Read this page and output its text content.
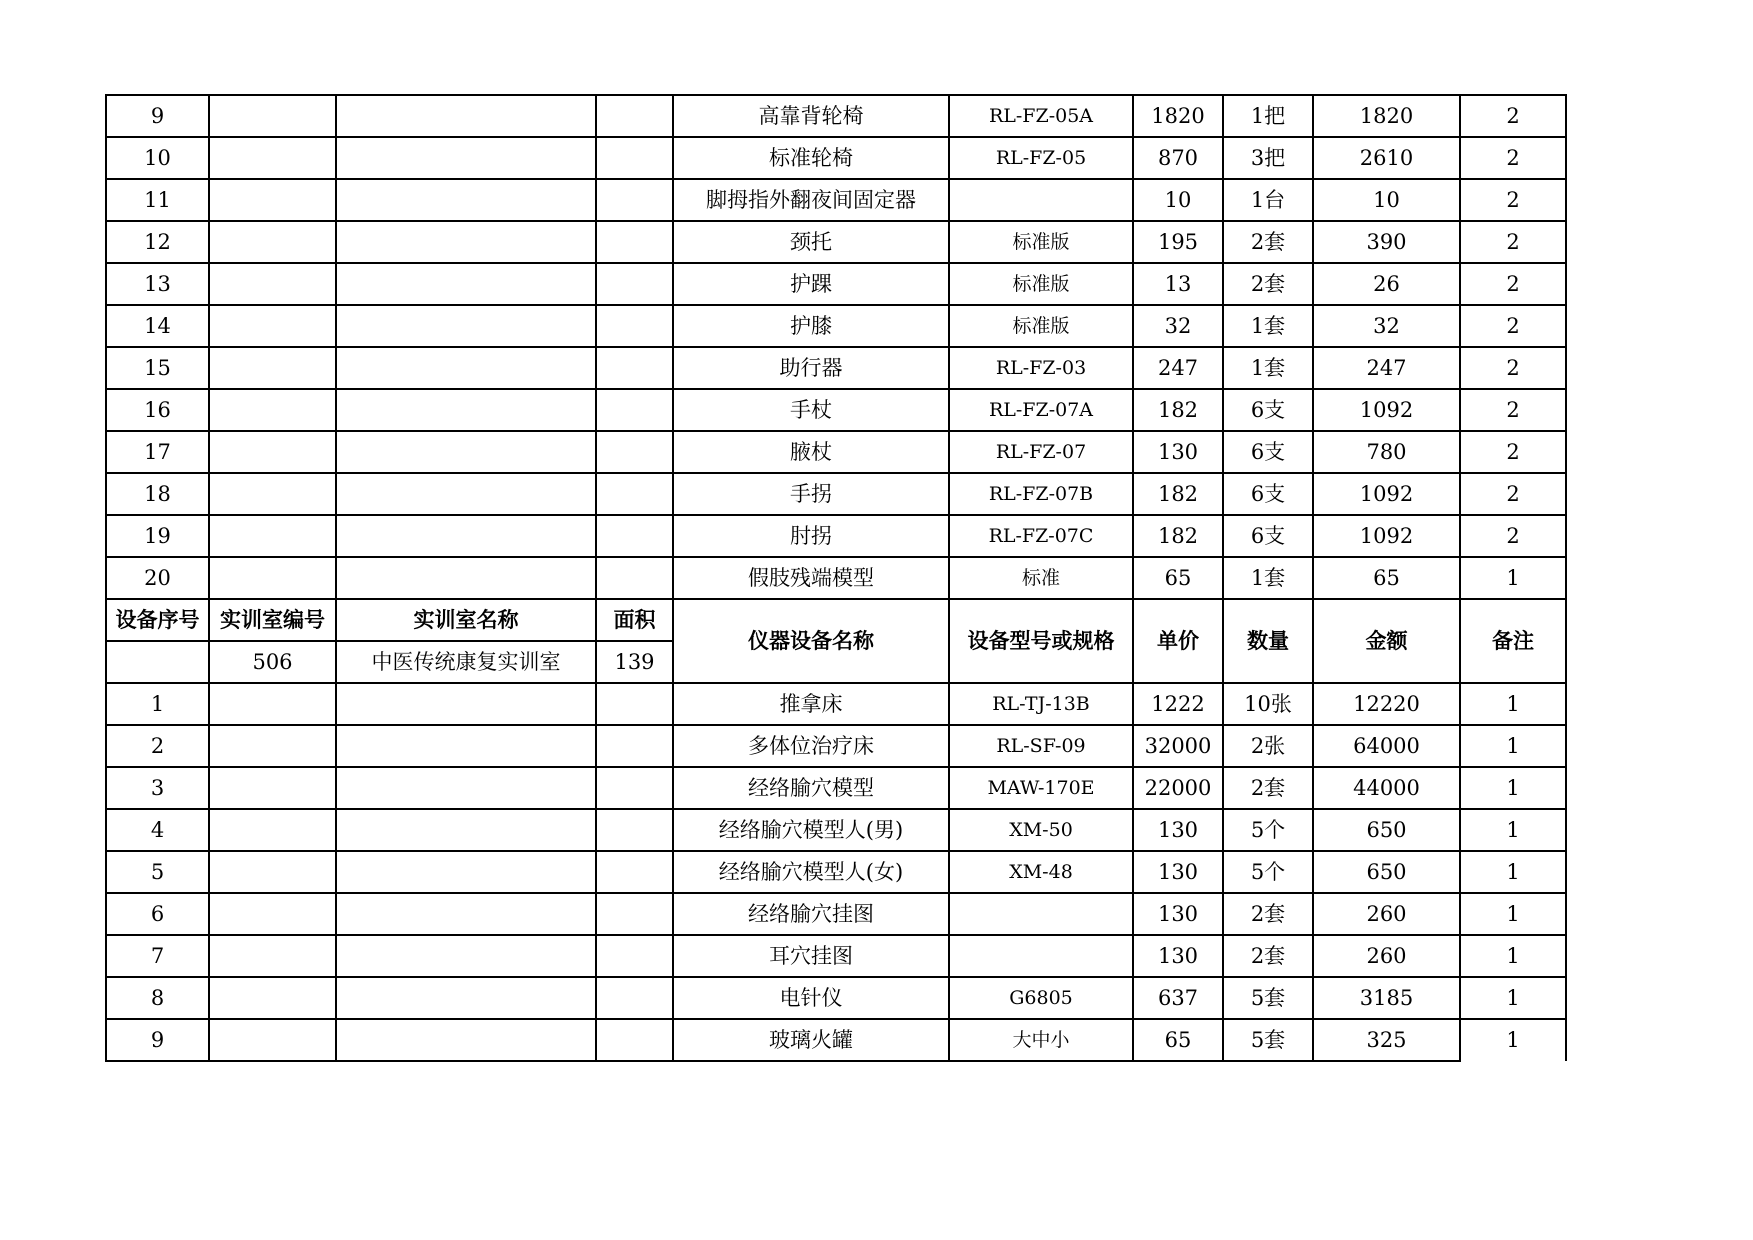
9				高靠背轮椅	RL-FZ-05A	1820	1把	1820	2
10				标准轮椅	RL-FZ-05	870	3把	2610	2
11				脚拇指外翻夜间固定器		10	1台	10	2
12				颈托	标准版	195	2套	390	2
13				护踝	标准版	13	2套	26	2
14				护膝	标准版	32	1套	32	2
15				助行器	RL-FZ-03	247	1套	247	2
16				手杖	RL-FZ-07A	182	6支	1092	2
17				腋杖	RL-FZ-07	130	6支	780	2
18				手拐	RL-FZ-07B	182	6支	1092	2
19				肘拐	RL-FZ-07C	182	6支	1092	2
20				假肢残端模型	标准	65	1套	65	1
设备序号	实训室编号	实训室名称	面积	仪器设备名称	设备型号或规格	单价	数量	金额	备注
	506	中医传统康复实训室	139						
1				推拿床	RL-TJ-13B	1222	10张	12220	1
2				多体位治疗床	RL-SF-09	32000	2张	64000	1
3				经络腧穴模型	MAW-170E	22000	2套	44000	1
4				经络腧穴模型人(男)	XM-50	130	5个	650	1
5				经络腧穴模型人(女)	XM-48	130	5个	650	1
6				经络腧穴挂图		130	2套	260	1
7				耳穴挂图		130	2套	260	1
8				电针仪	G6805	637	5套	3185	1
9				玻璃火罐	大中小	65	5套	325	1
